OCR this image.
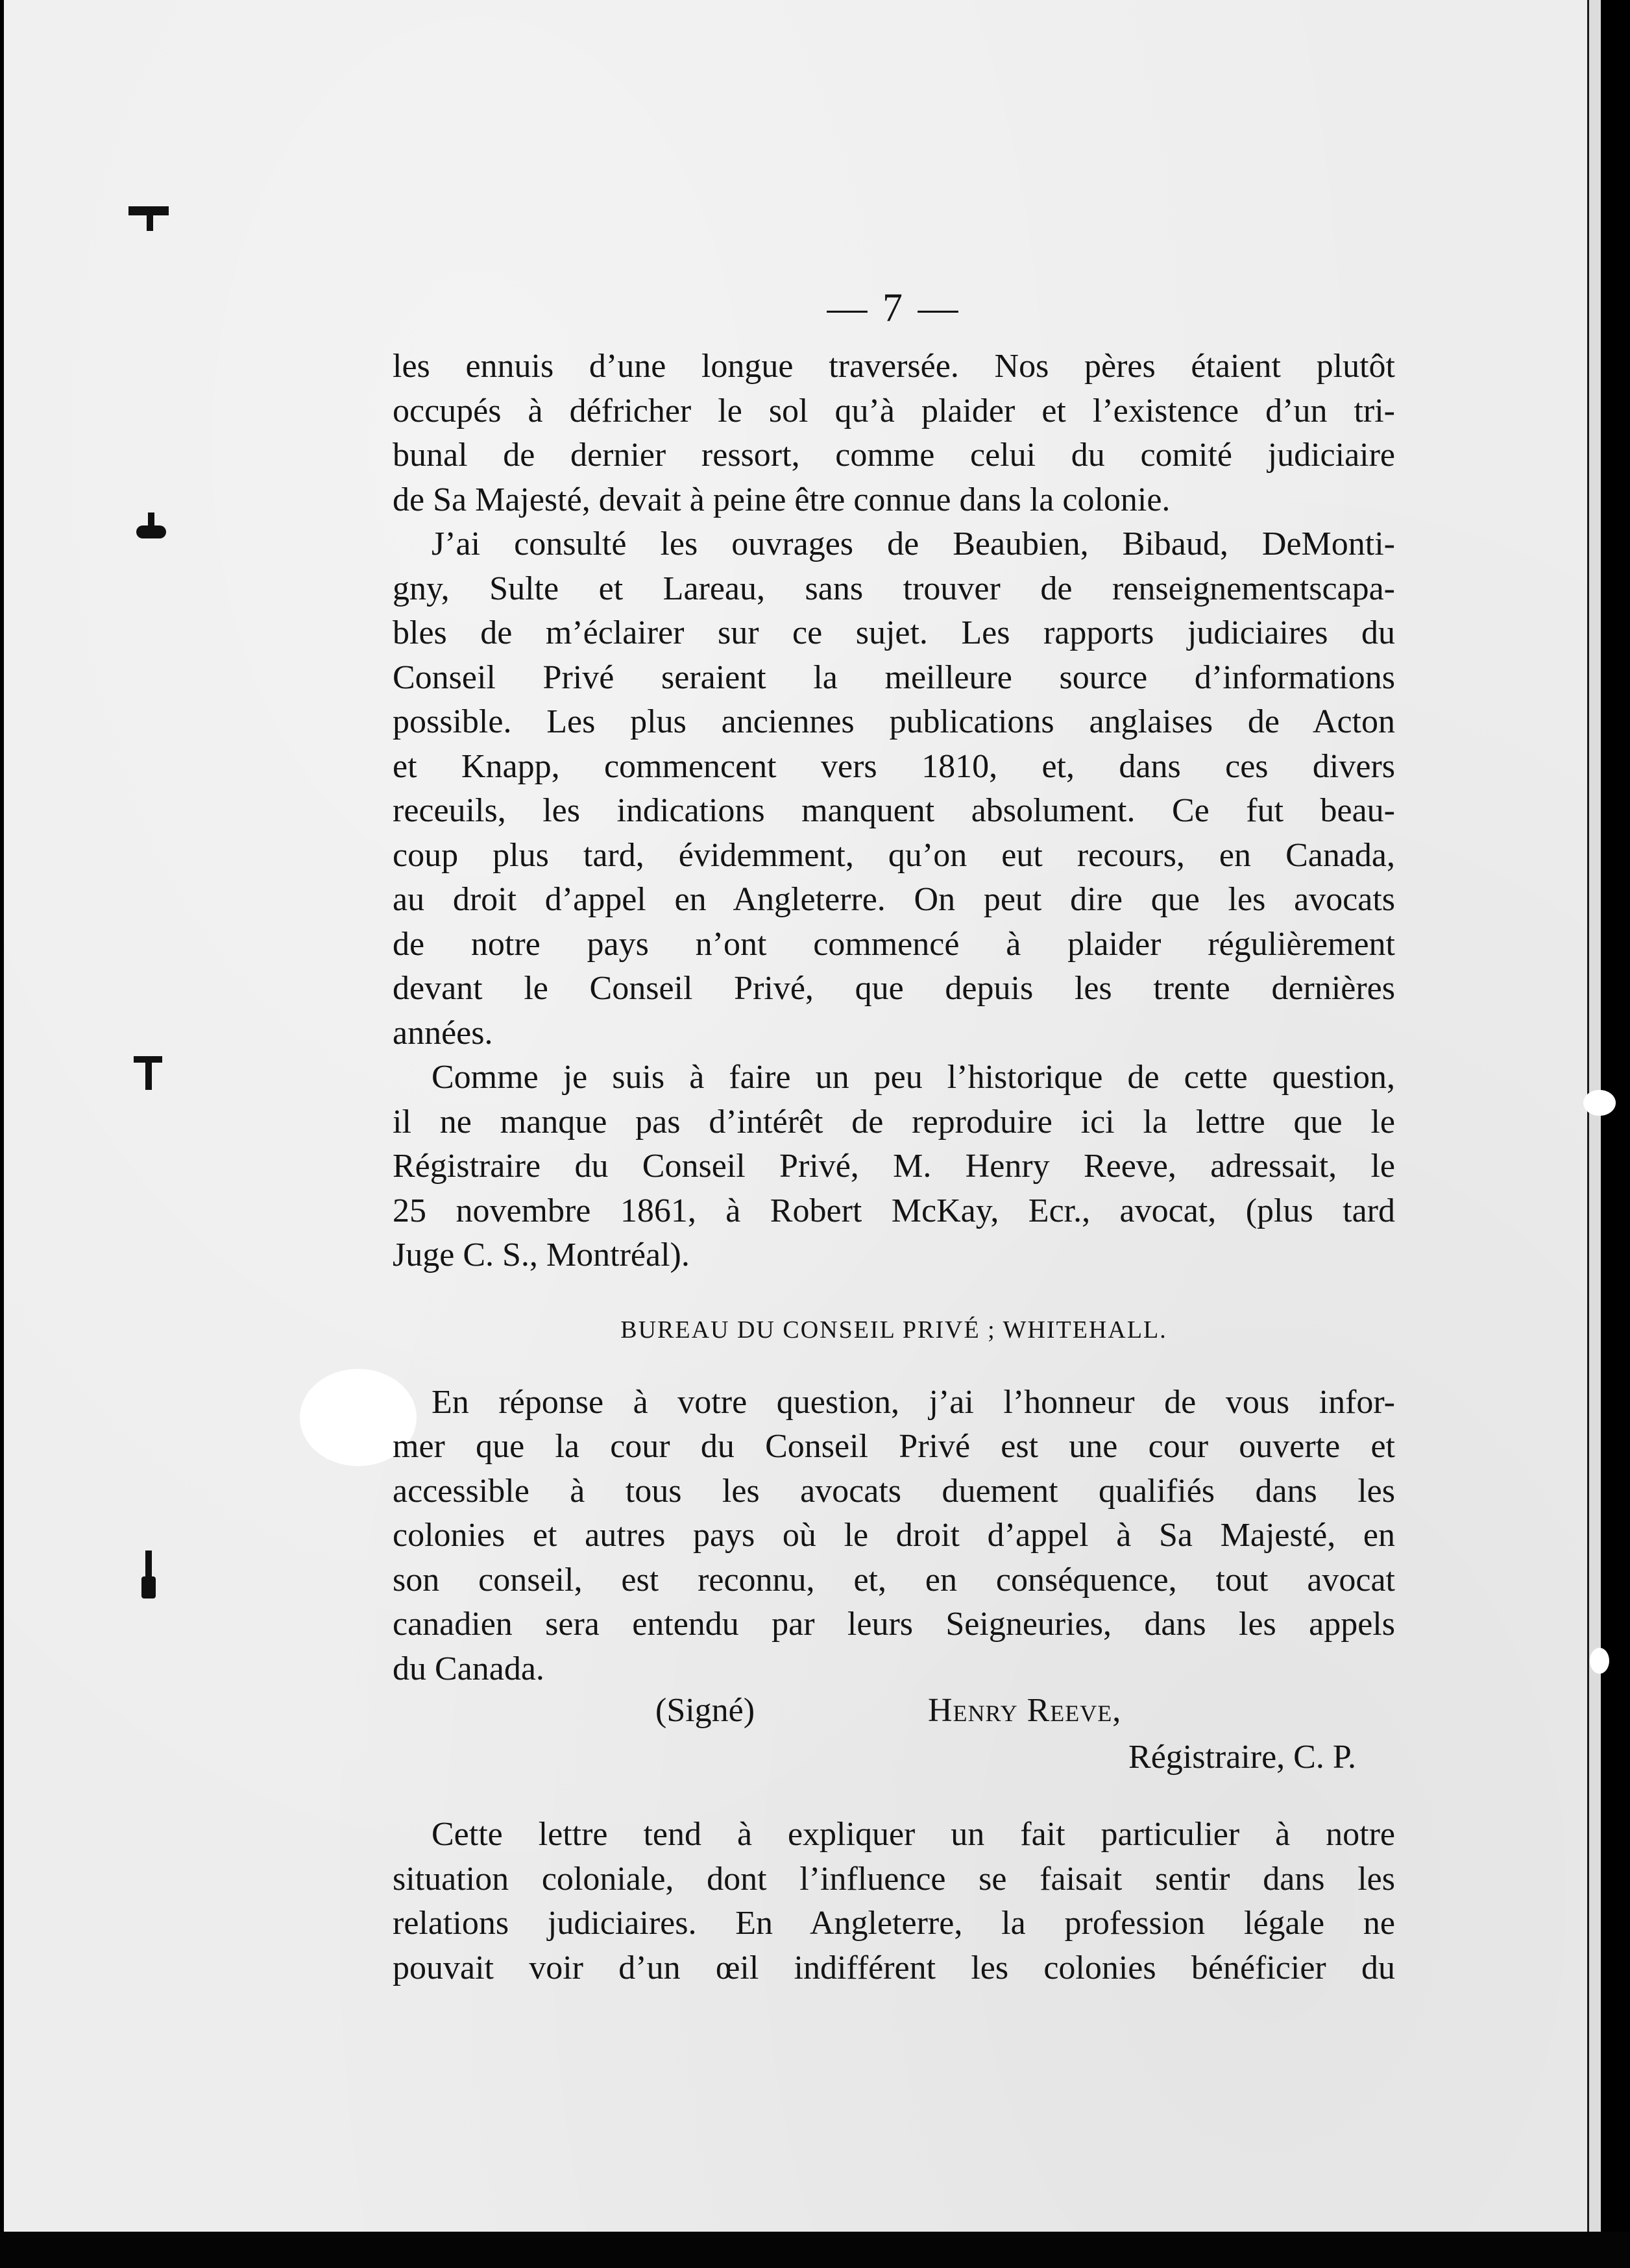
— 7 —

les ennuis d’une longue traversée. Nos pères étaient plutôt
occupés à défricher le sol qu’à plaider et l’existence d’un tri-
bunal de dernier ressort, comme celui du comité judiciaire
de Sa Majesté, devait à peine être connue dans la colonie.

J’ai consulté les ouvrages de Beaubien, Bibaud, DeMonti-
gny, Sulte et Lareau, sans trouver de renseignementscapa-
bles de m’éclairer sur ce sujet. Les rapports judiciaires du
Conseil Privé seraient la meilleure source d’informations
possible. Les plus anciennes publications anglaises de Acton
et Knapp, commencent vers 1810, et, dans ces divers
receuils, les indications manquent absolument. Ce fut beau-
coup plus tard, évidemment, qu’on eut recours, en Canada,
au droit d’appel en Angleterre. On peut dire que les avocats
de notre pays n’ont commencé à plaider régulièrement
devant le Conseil Privé, que depuis les trente dernières
années.

Comme je suis à faire un peu l’historique de cette question,
il ne manque pas d’intérêt de reproduire ici la lettre que le
Régistraire du Conseil Privé, M. Henry Reeve, adressait, le
25 novembre 1861, à Robert McKay, Ecr., avocat, (plus tard
Juge C. S., Montréal).

BUREAU DU CONSEIL PRIVÉ ; WHITEHALL.

En réponse à votre question, j’ai l’honneur de vous infor-
mer que la cour du Conseil Privé est une cour ouverte et
accessible à tous les avocats duement qualifiés dans les
colonies et autres pays où le droit d’appel à Sa Majesté, en
son conseil, est reconnu, et, en conséquence, tout avocat
canadien sera entendu par leurs Seigneuries, dans les appels
du Canada.

(Signé)	Henry Reeve,
Régistraire, C. P.

Cette lettre tend à expliquer un fait particulier à notre
situation coloniale, dont l’influence se faisait sentir dans les
relations judiciaires. En Angleterre, la profession légale ne
pouvait voir d’un œil indifférent les colonies bénéficier du
